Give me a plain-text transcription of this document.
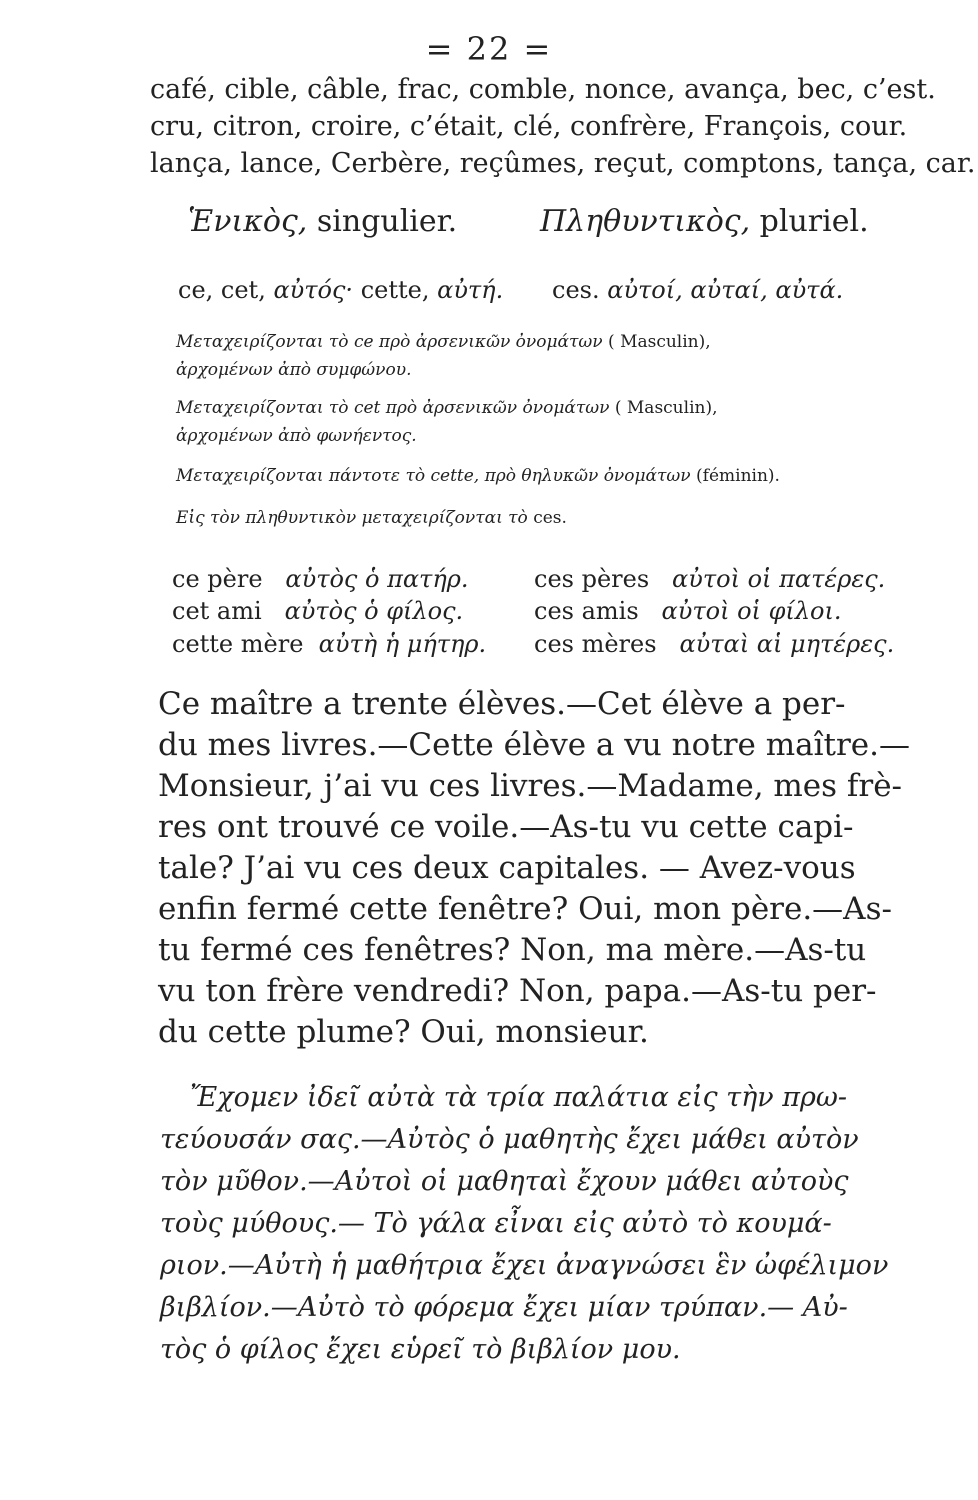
= 22 =
café, cible, câble, frac, comble, nonce, avança, bec, c’est.
cru, citron, croire, c’était, clé, confrère, François, cour.
lança, lance, Cerbère, reçûmes, reçut, comptons, tança, car.
Ἑνικὸς, singulier.	Πληθυντικὸς, pluriel.
ce, cet, αὐτός· cette, αὐτή. ces. αὐτοί, αὐταί, αὐτά.
Μεταχειρίζονται τὸ ce πρὸ ἀρσενικῶν ὀνομάτων ( Masculin),
ἀρχομένων ἀπὸ συμφώνου.
Μεταχειρίζονται τὸ cet πρὸ ἀρσενικῶν ὀνομάτων ( Masculin),
ἀρχομένων ἀπὸ φωνήεντος.
Μεταχειρίζονται πάντοτε τὸ cette, πρὸ θηλυκῶν ὀνομάτων (féminin).
Εἰς τὸν πληθυντικὸν μεταχειρίζονται τὸ ces.
ce père αὐτὸς ὁ πατήρ.	ces pères αὐτοὶ οἱ πατέρες.
cet ami αὐτὸς ὁ φίλος.	ces amis αὐτοὶ οἱ φίλοι.
cette mère αὐτὴ ἡ μήτηρ. ces mères αὐταὶ αἱ μητέρες.
Ce maître a trente élèves.—Cet élève a per-
du mes livres.—Cette élève a vu notre maître.—
Monsieur, j’ai vu ces livres.—Madame, mes frè-
res ont trouvé ce voile.—As-tu vu cette capi-
tale? J’ai vu ces deux capitales. — Avez-vous
enfin fermé cette fenêtre? Oui, mon père.—As-
tu fermé ces fenêtres? Non, ma mère.—As-tu
vu ton frère vendredi? Non, papa.—As-tu per-
du cette plume? Oui, monsieur.
Ἔχομεν ἰδεῖ αὐτὰ τὰ τρία παλάτια εἰς τὴν πρω-
τεύουσάν σας.—Αὐτὸς ὁ μαθητὴς ἔχει μάθει αὐτὸν
τὸν μῦθον.—Αὐτοὶ οἱ μαθηταὶ ἔχουν μάθει αὐτοὺς
τοὺς μύθους.— Τὸ γάλα εἶναι εἰς αὐτὸ τὸ κουμά-
ριον.—Αὐτὴ ἡ μαθήτρια ἔχει ἀναγνώσει ἓν ὠφέλιμον
βιβλίον.—Αὐτὸ τὸ φόρεμα ἔχει μίαν τρύπαν.— Αὐ-
τὸς ὁ φίλος ἔχει εὑρεῖ τὸ βιβλίον μου.
